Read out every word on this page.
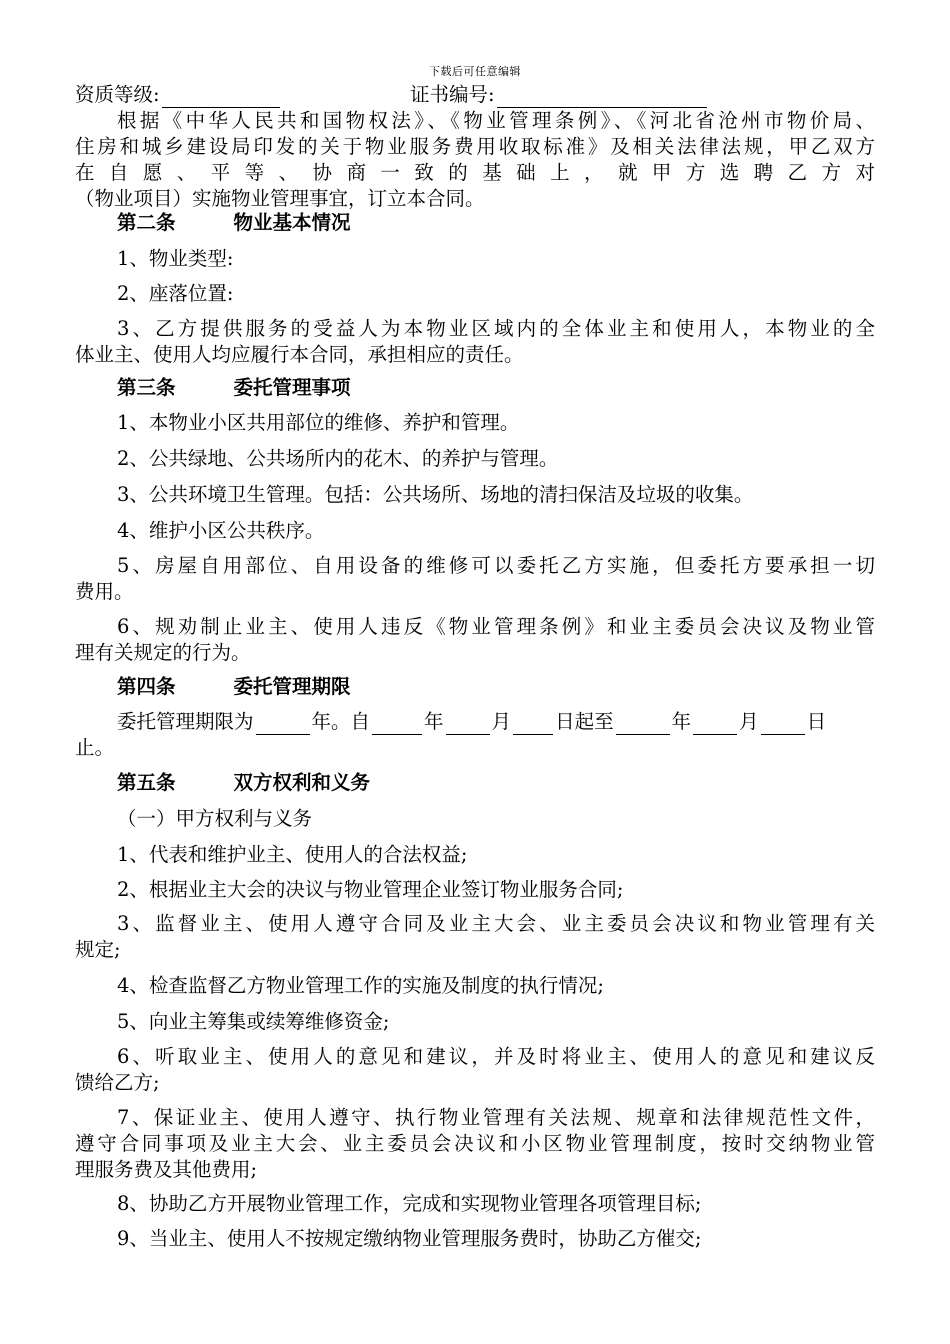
下载后可任意编辑
资质等级:	证书编号:
根据《中华人民共和国物权法》、《物业管理条例》、《河北省沧州市物价局、
住房和城乡建设局印发的关于物业服务费用收取标准》及相关法律法规，甲乙双方
在自愿、平等、协商一致的基础上，就甲方选聘乙方对
（物业项目）实施物业管理事宜，订立本合同。
第二条	物业基本情况
1、物业类型:
2、座落位置:
3、乙方提供服务的受益人为本物业区域内的全体业主和使用人，本物业的全
体业主、使用人均应履行本合同，承担相应的责任。
第三条	委托管理事项
1、本物业小区共用部位的维修、养护和管理。
2、公共绿地、公共场所内的花木、的养护与管理。
3、公共环境卫生管理。包括：公共场所、场地的清扫保洁及垃圾的收集。
4、维护小区公共秩序。
5、房屋自用部位、自用设备的维修可以委托乙方实施，但委托方要承担一切
费用。
6、规劝制止业主、使用人违反《物业管理条例》和业主委员会决议及物业管
理有关规定的行为。
第四条	委托管理期限
委托管理期限为	年。自	年 月 日起至	年 月 日
止。
第五条	双方权利和义务
（一）甲方权利与义务
1、代表和维护业主、使用人的合法权益;
2、根据业主大会的决议与物业管理企业签订物业服务合同;
3、监督业主、使用人遵守合同及业主大会、业主委员会决议和物业管理有关
规定;
4、检查监督乙方物业管理工作的实施及制度的执行情况;
5、向业主筹集或续筹维修资金;
6、听取业主、使用人的意见和建议，并及时将业主、使用人的意见和建议反
馈给乙方;
7、保证业主、使用人遵守、执行物业管理有关法规、规章和法律规范性文件，
遵守合同事项及业主大会、业主委员会决议和小区物业管理制度，按时交纳物业管
理服务费及其他费用;
8、协助乙方开展物业管理工作，完成和实现物业管理各项管理目标;
9、当业主、使用人不按规定缴纳物业管理服务费时，协助乙方催交;
